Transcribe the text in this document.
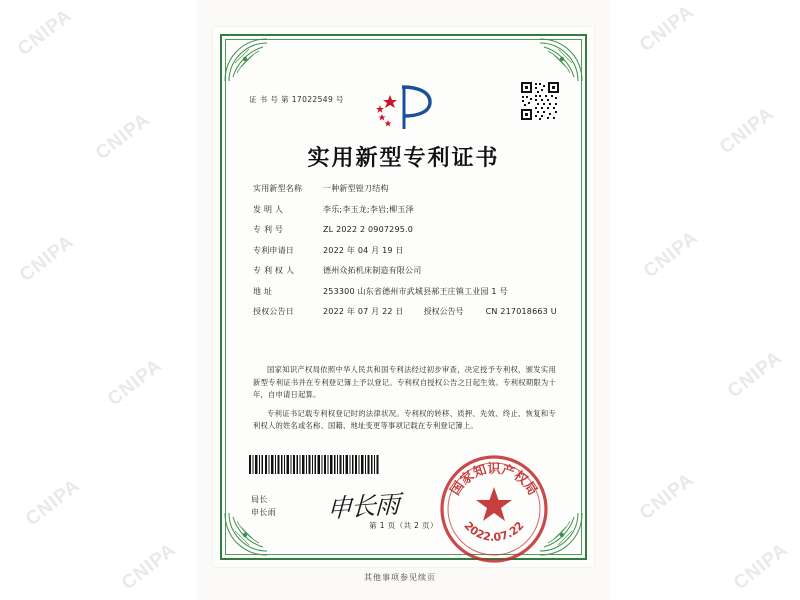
CNIPA
CNIPA
CNIPA
CNIPA
CNIPA
CNIPA
CNIPA
CNIPA
CNIPA
CNIPA
CNIPA
CNIPA
证 书 号 第 17022549 号
实用新型专利证书
实用新型名称	一种新型镗刀结构
发 明 人	李乐;李玉龙;李岩;柳玉泽
专 利 号	ZL 2022 2 0907295.0
专利申请日	2022 年 04 月 19 日
专 利 权 人	德州众拓机床制造有限公司
地 址	253300 山东省德州市武城县郝王庄镇工业园 1 号
授权公告日	2022 年 07 月 22 日	授权公告号	CN 217018663 U

国家知识产权局依照中华人民共和国专利法经过初步审查，决定授予专利权，颁发实用新型专利证书并在专利登记簿上予以登记。专利权自授权公告之日起生效。专利权期限为十年，自申请日起算。

专利证书记载专利权登记时的法律状况。专利权的转移、质押、先效、终止、恢复和专利权人的姓名或名称、国籍、地址变更等事项记载在专利登记簿上。

局长
申长雨 申长雨
国家知识产权局
2022.07.22
第 1 页（共 2 页）
其他事项参见续页
